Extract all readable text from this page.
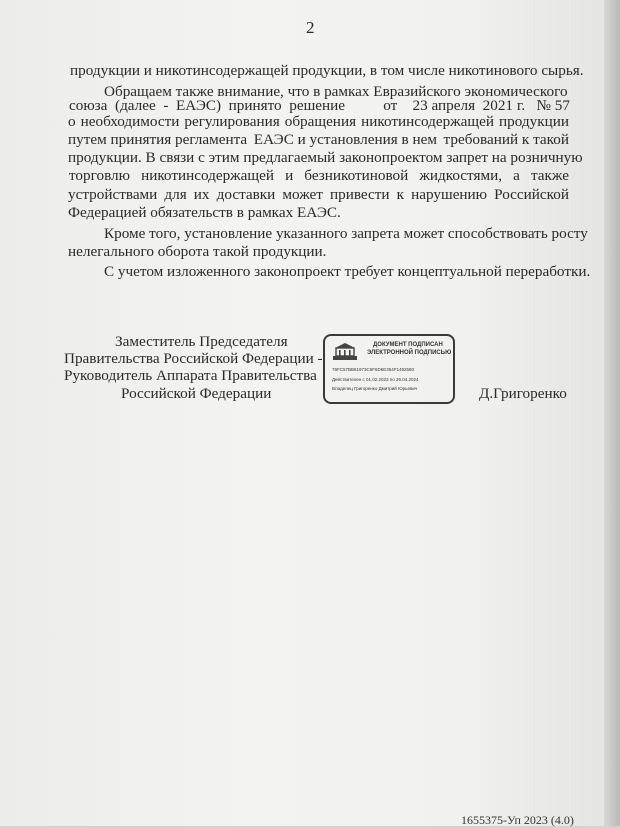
2
продукции и никотинсодержащей продукции, в том числе никотинового сырья.
Обращаем также внимание, что в рамках Евразийского экономического
союза  (далее  -  ЕАЭС)  принято  решение	от    23 апреля  2021 г.   № 57
о необходимости регулирования обращения никотинсодержащей продукции
путем принятия регламента ЕАЭС и установления в нем требований к такой
продукции. В связи с этим предлагаемый законопроектом запрет на розничную
торговлю никотинсодержащей и безникотиновой жидкостями, а также
устройствами для их доставки может привести к нарушению Российской
Федерацией обязательств в рамках ЕАЭС.
Кроме того, установление указанного запрета может способствовать росту
нелегального оборота такой продукции.
С учетом изложенного законопроект требует концептуальной переработки.
Заместитель Председателя
Правительства Российской Федерации -
Руководитель Аппарата Правительства
Российской Федерации
ДОКУМЕНТ ПОДПИСАН
ЭЛЕКТРОННОЙ ПОДПИСЬЮ
76FC57BB61973C6F6D6E354F1492580
Действителен с 01.02.2023 по 26.04.2024
Владелец Григоренко Дмитрий Юрьевич	Д.Григоренко
1655375-Уп 2023 (4.0)
